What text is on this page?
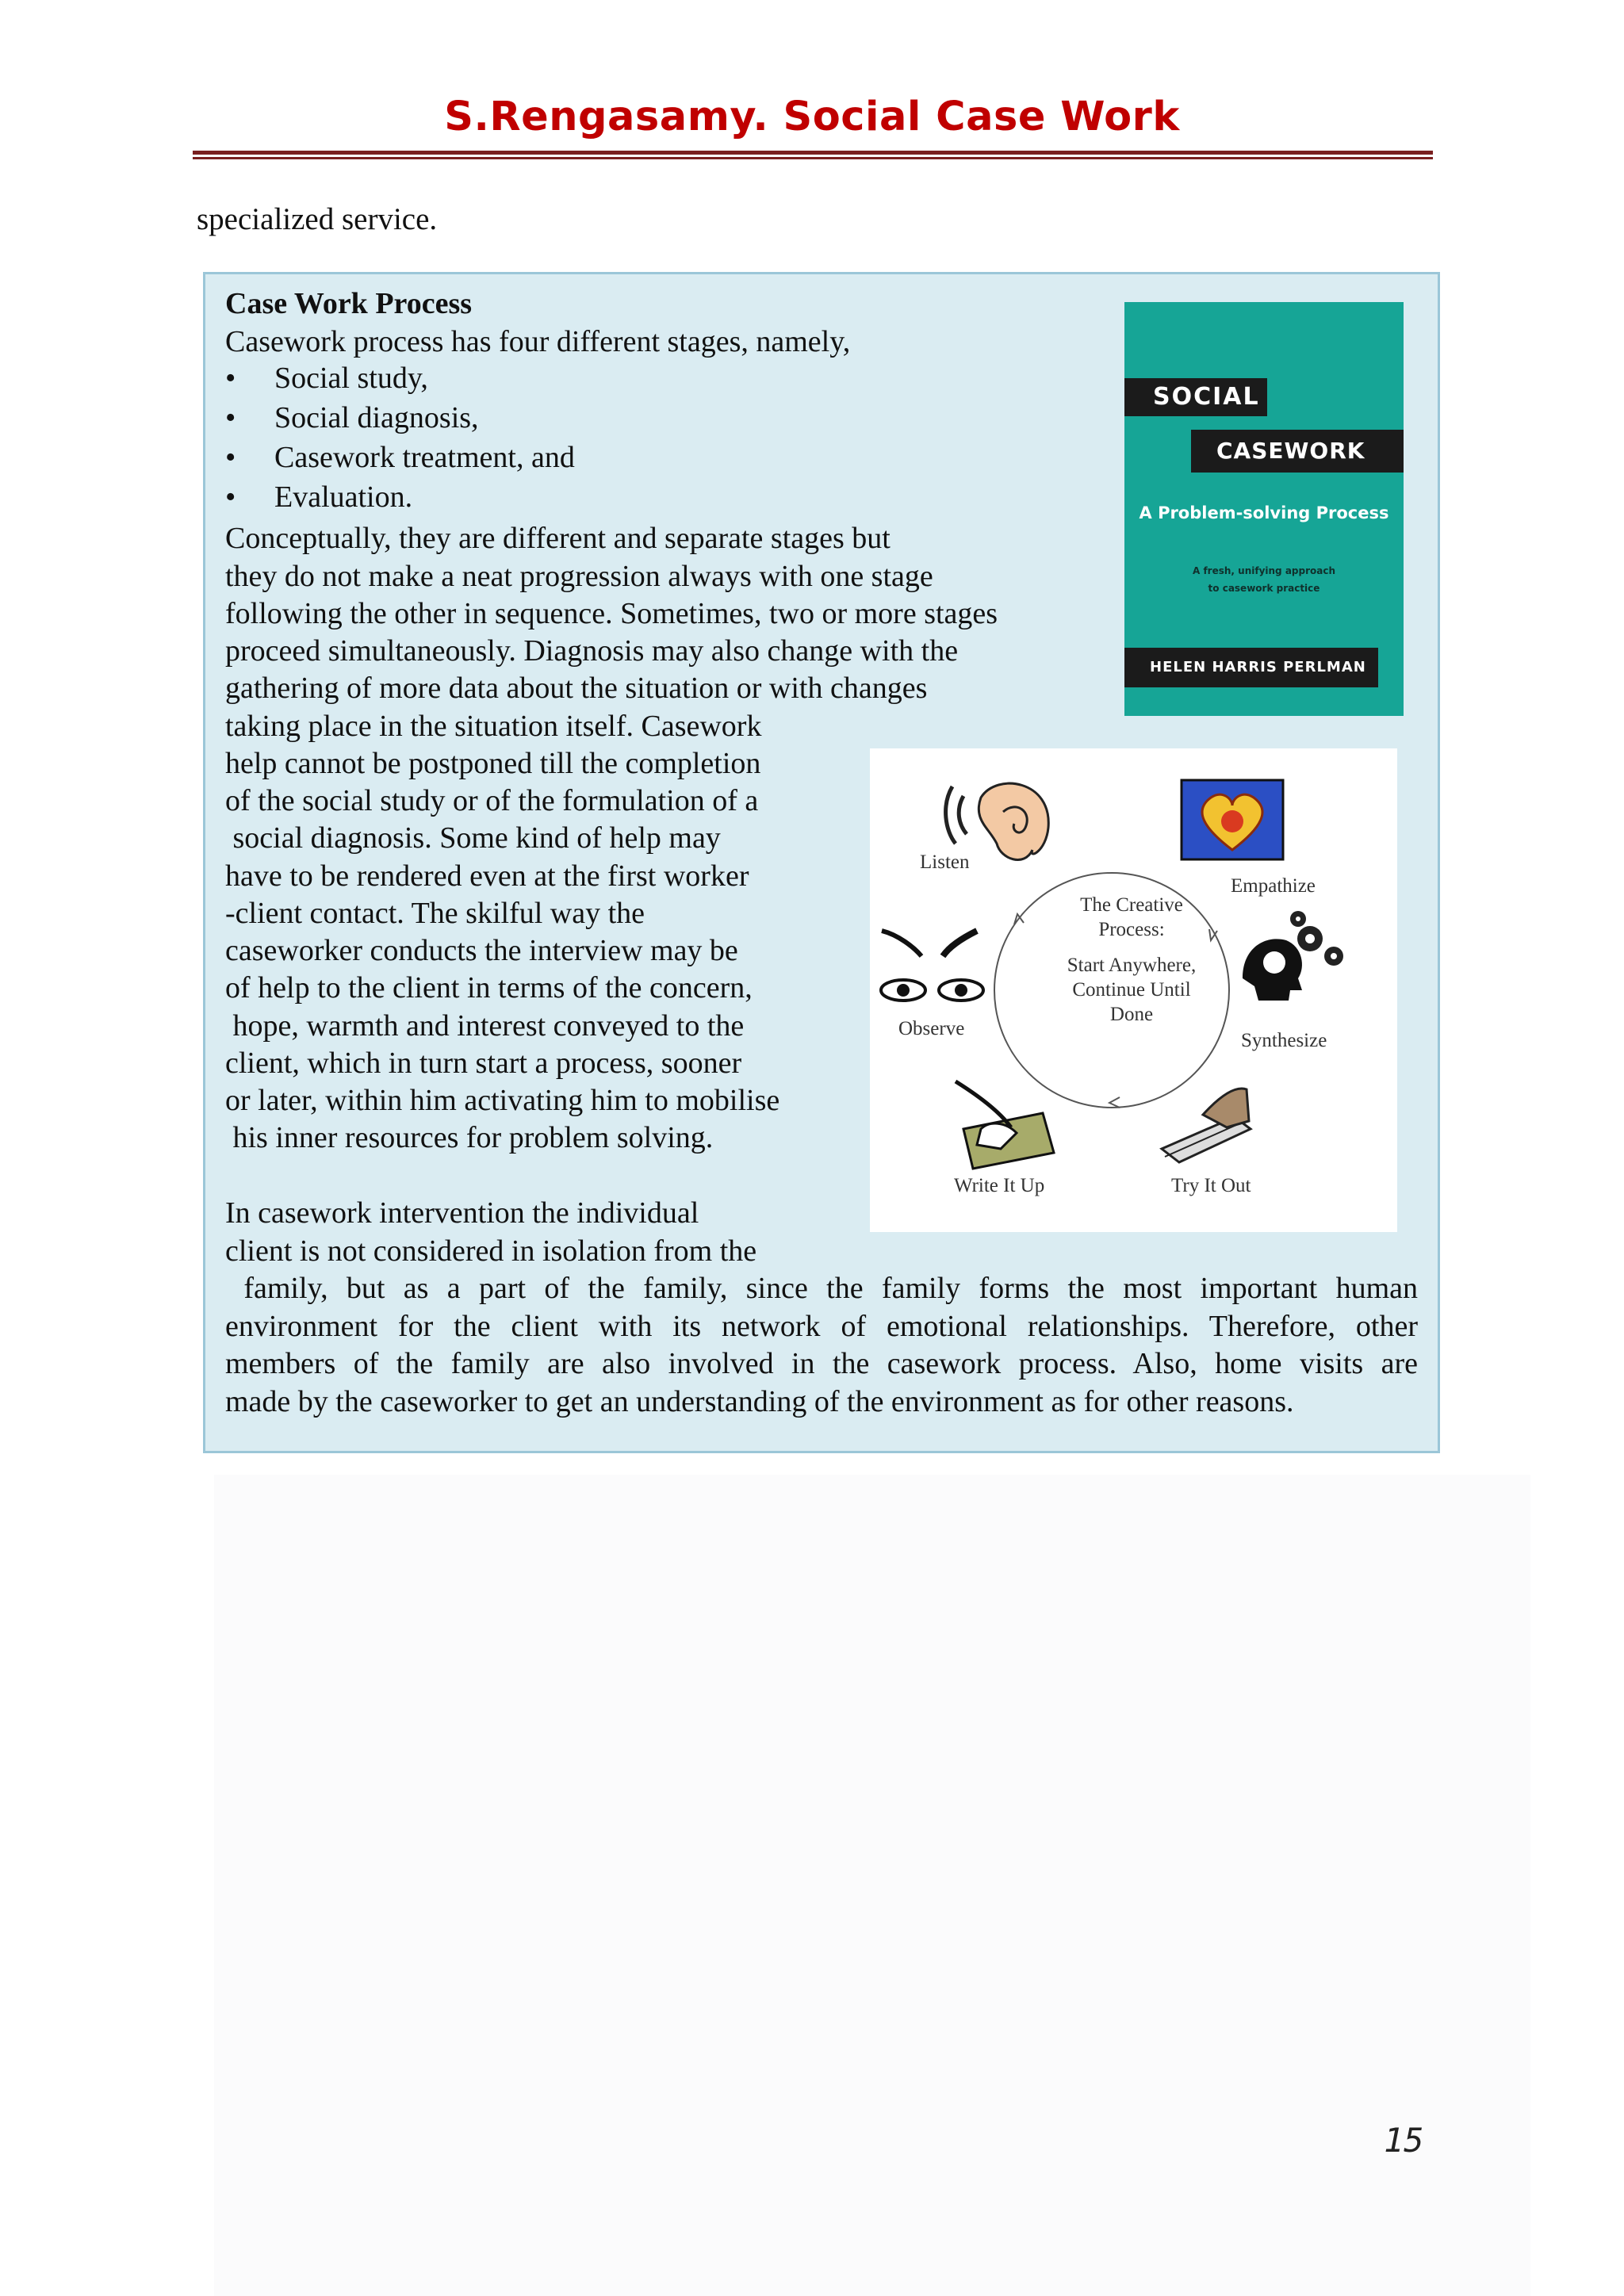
S.Rengasamy. Social Case Work
specialized service.
Case Work Process
Casework process has four different stages, namely,
• Social study,
• Social diagnosis,
• Casework treatment, and
• Evaluation.
Conceptually, they are different and separate stages but
they do not make a neat progression always with one stage
following the other in sequence. Sometimes, two or more stages
proceed simultaneously. Diagnosis may also change with the
gathering of more data about the situation or with changes
taking place in the situation itself. Casework
help cannot be postponed till the completion
of the social study or of the formulation of a
social diagnosis. Some kind of help may
have to be rendered even at the first worker
-client contact. The skilful way the
caseworker conducts the interview may be
of help to the client in terms of the concern,
hope, warmth and interest conveyed to the
client, which in turn start a process, sooner
or later, within him activating him to mobilise
his inner resources for problem solving.
In casework intervention the individual
client is not considered in isolation from the
family, but as a part of the family, since the family forms the most important human
environment for the client with its network of emotional relationships. Therefore, other
members of the family are also involved in the casework process. Also, home visits are
made by the caseworker to get an understanding of the environment as for other reasons.
SOCIAL
CASEWORK
A Problem-solving Process
A fresh, unifying approach
to casework practice
HELEN HARRIS PERLMAN
The Creative
Process:
Start Anywhere,
Continue Until
Done
Listen
Empathize
Synthesize
Try It Out
Write It Up
Observe
15
